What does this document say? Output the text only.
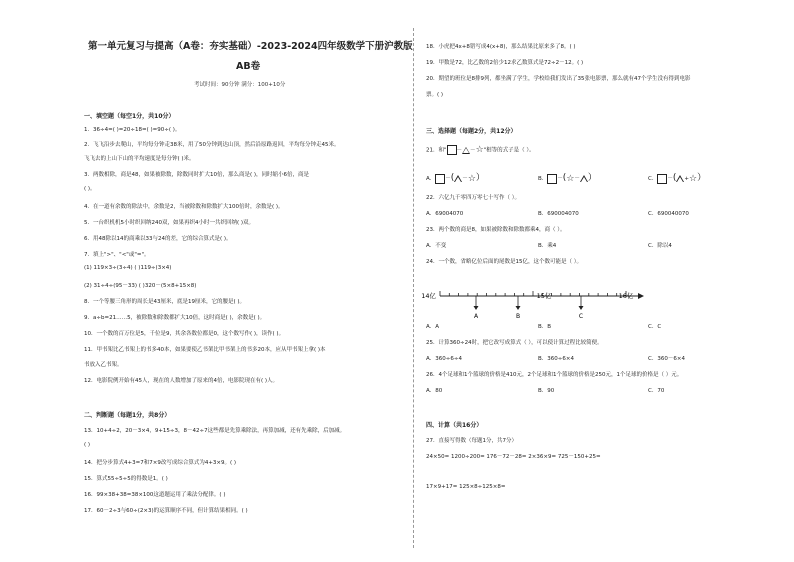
第一单元复习与提高（A卷：夯实基础）-2023-2024四年级数学下册沪教版
AB卷
考试时间：90分钟 满分：100+10分
一、填空题（每空1分，共10分）
1．36÷4=( )=20÷18=( )=90÷( )。
2．飞飞沿步去爬山，平均每分钟走38米，用了50分钟到达山顶，然后沿原路返回，平均每分钟走45米。
飞飞去的上山下山的平均速度是每分钟( )米。
3．两数相除，商是48，如果被除数，除数同时扩大10倍，那么商是( )，同时缩小6倍，商是
( )。
4．在一道有余数的除法中，余数是2，当被除数和除数扩大100倍时，余数是( )。
5．一台织机机5小时织回纳240双，如果再织4小时一共织回纳( )双。
6．用48除以14的商乘以33与24的差，它的综合算式是( )。
7．填上">"、"<"或"="。
(1) 119×3÷(3÷4) ( )119÷(3×4)
(2) 31÷4÷(95－33) ( )320－(5×8+15×8)
8．一个等腰三角形的周长是43厘米，底是19厘米，它的腰是( )。
9．a÷b=21……5，被除数和除数都扩大10倍，这时商是( )，余数是( )。
10．一个数的百万位是5，千位是9，其余各数位都是0，这个数写作( )，读作( )。
11．甲书架比乙书架上的书多40本，如果要使乙书架比甲书架上的书多20本，应从甲书架上拿( )本
书放入乙书架。
12．电影院例开始有45人，现在的人数增加了原来的4倍，电影院现在有( )人。
二、判断题（每题1分，共8分）
13．10+4÷2，20－3×4，9+15÷3，8－42÷7这些都是先算乘除法，再算加减，还有先乘除，后加减。
( )
14．把分步算式4+3=7和7×9改写成综合算式为4+3×9。( )
15．算式55÷5÷5的得数是1。( )
16．99×38+38=38×100这道题运用了乘法分配律。( )
17．60－2÷3与60÷(2×3)的运算顺序不同，但计算结果相同。( )
18．小虎把4x+8错写成4(x+8)，那么结果比原来多了8。( )
19．甲数是72，比乙数的2倍少12求乙数算式是72÷2－12。( )
20．期望的班位是8排9列，都坐满了学生，学校给我们发出了35张电影票，那么就有47个学生没有得到电影
票。( )
三、选择题（每题2分，共12分）
21．和" － －☆"相等的式子是（ ）。
A． －( －☆）	B． －(☆－ ）	C． －( +☆）
22．六亿九千零四万零七十写作（ ）。
A．69004070	B．690004070	C．690040070
23．两个数的商是8，如果被除数和除数都乘4，商（ ）。
A．不变	B．乘4	C．除以4
24．一个数，省略亿位后面的尾数是15亿，这个数可能是（ ）。
14亿	15亿	16亿
A	B	C
A．A	B．B	C．C
25．计算360÷24时，把它改写成算式（ ），可以使计算过程比较简便。
A．360÷6÷4	B．360÷6×4	C．360－6×4
26．4个足球和1个篮球的价格是410元，2个足球和1个篮球的价格是250元，1个足球的价格是（ ）元。
A．80	B．90	C．70
四、计算（共16分）
27．直接写得数（每题1分，共7分）
24×50= 1200÷200= 176－72－28= 2×36×9= 725－150+25=
17×9+17= 125×8÷125×8=
